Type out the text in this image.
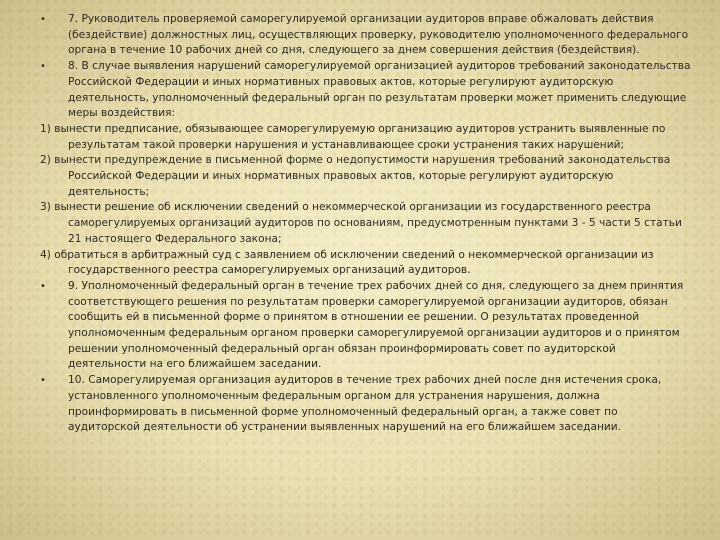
•	7. Руководитель проверяемой саморегулируемой организации аудиторов вправе обжаловать действия (бездействие) должностных лиц, осуществляющих проверку, руководителю уполномоченного федерального органа в течение 10 рабочих дней со дня, следующего за днем совершения действия (бездействия).

•	8. В случае выявления нарушений саморегулируемой организацией аудиторов требований законодательства Российской Федерации и иных нормативных правовых актов, которые регулируют аудиторскую деятельность, уполномоченный федеральный орган по результатам проверки может применить следующие меры воздействия:

1) вынести предписание, обязывающее саморегулируемую организацию аудиторов устранить выявленные по результатам такой проверки нарушения и устанавливающее сроки устранения таких нарушений;

2) вынести предупреждение в письменной форме о недопустимости нарушения требований законодательства Российской Федерации и иных нормативных правовых актов, которые регулируют аудиторскую деятельность;

3) вынести решение об исключении сведений о некоммерческой организации из государственного реестра саморегулируемых организаций аудиторов по основаниям, предусмотренным пунктами 3 - 5 части 5 статьи 21 настоящего Федерального закона;

4) обратиться в арбитражный суд с заявлением об исключении сведений о некоммерческой организации из государственного реестра саморегулируемых организаций аудиторов.

•	9. Уполномоченный федеральный орган в течение трех рабочих дней со дня, следующего за днем принятия соответствующего решения по результатам проверки саморегулируемой организации аудиторов, обязан сообщить ей в письменной форме о принятом в отношении ее решении. О результатах проведенной уполномоченным федеральным органом проверки саморегулируемой организации аудиторов и о принятом решении уполномоченный федеральный орган обязан проинформировать совет по аудиторской деятельности на его ближайшем заседании.

•	10. Саморегулируемая организация аудиторов в течение трех рабочих дней после дня истечения срока, установленного уполномоченным федеральным органом для устранения нарушения, должна проинформировать в письменной форме уполномоченный федеральный орган, а также совет по аудиторской деятельности об устранении выявленных нарушений на его ближайшем заседании.
